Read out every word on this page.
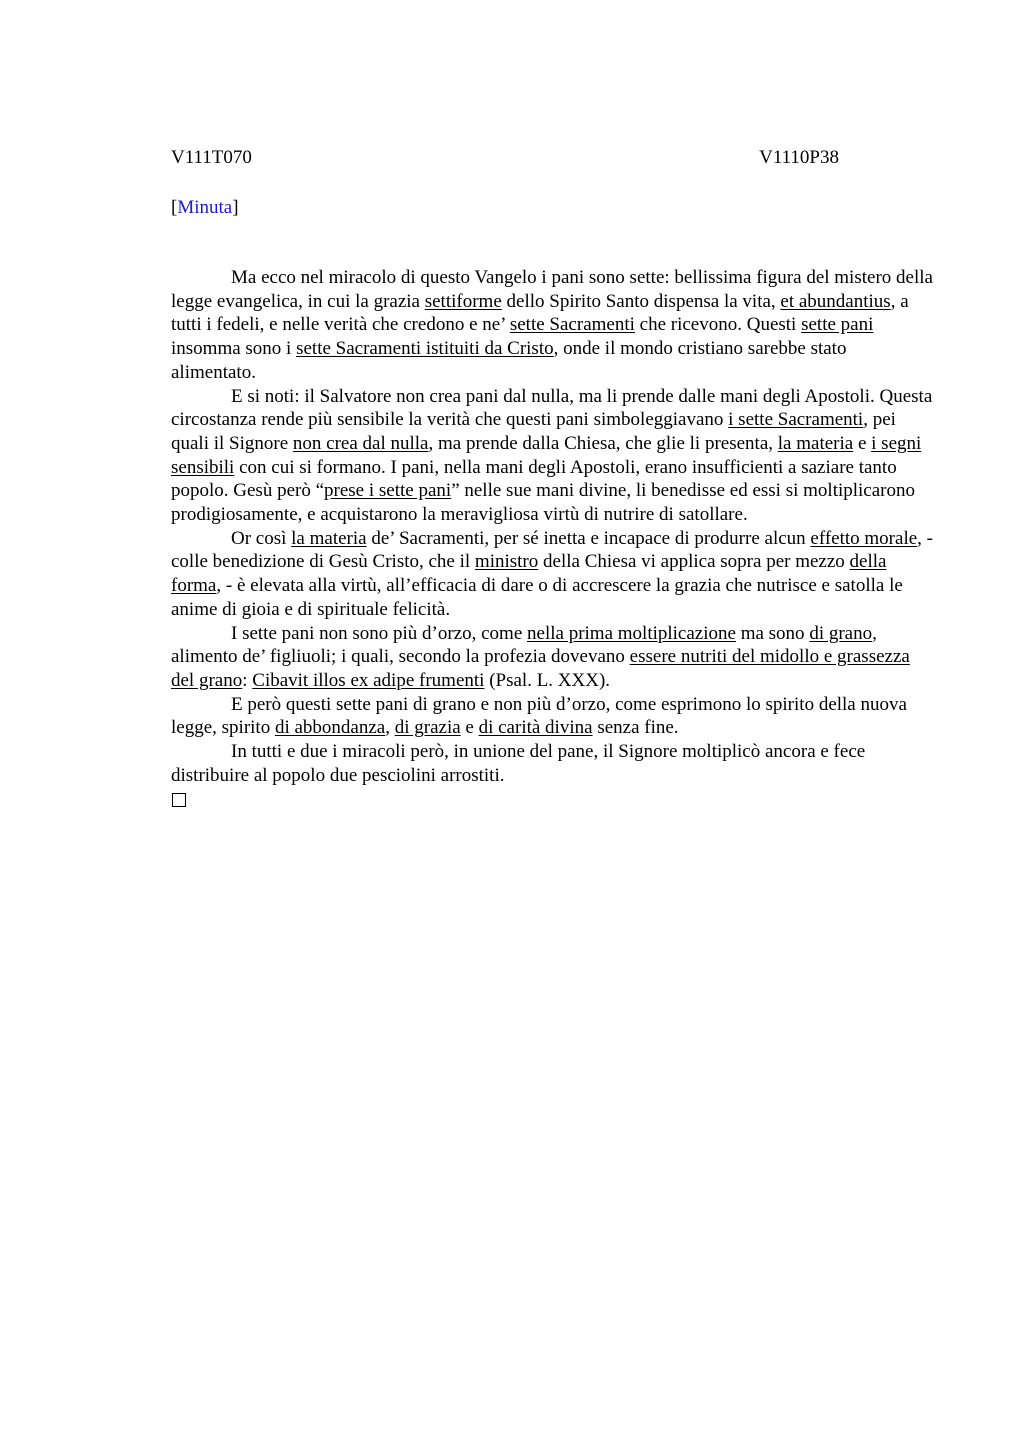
V111T070	V1110P38
[Minuta]

Ma ecco nel miracolo di questo Vangelo i pani sono sette: bellissima figura del mistero della legge evangelica, in cui la grazia settiforme dello Spirito Santo dispensa la vita, et abundantius, a tutti i fedeli, e nelle verità che credono e ne’ sette Sacramenti che ricevono. Questi sette pani insomma sono i sette Sacramenti istituiti da Cristo, onde il mondo cristiano sarebbe stato alimentato.

E si noti: il Salvatore non crea pani dal nulla, ma li prende dalle mani degli Apostoli. Questa circostanza rende più sensibile la verità che questi pani simboleggiavano i sette Sacramenti, pei quali il Signore non crea dal nulla, ma prende dalla Chiesa, che glie li presenta, la materia e i segni sensibili con cui si formano. I pani, nella mani degli Apostoli, erano insufficienti a saziare tanto popolo. Gesù però “prese i sette pani” nelle sue mani divine, li benedisse ed essi si moltiplicarono prodigiosamente, e acquistarono la meravigliosa virtù di nutrire di satollare.

Or così la materia de’ Sacramenti, per sé inetta e incapace di produrre alcun effetto morale, - colle benedizione di Gesù Cristo, che il ministro della Chiesa vi applica sopra per mezzo della forma, - è elevata alla virtù, all’efficacia di dare o di accrescere la grazia che nutrisce e satolla le anime di gioia e di spirituale felicità.

I sette pani non sono più d’orzo, come nella prima moltiplicazione ma sono di grano, alimento de’ figliuoli; i quali, secondo la profezia dovevano essere nutriti del midollo e grassezza del grano: Cibavit illos ex adipe frumenti (Psal. L. XXX).

E però questi sette pani di grano e non più d’orzo, come esprimono lo spirito della nuova legge, spirito di abbondanza, di grazia e di carità divina senza fine.

In tutti e due i miracoli però, in unione del pane, il Signore moltiplicò ancora e fece distribuire al popolo due pesciolini arrostiti.
